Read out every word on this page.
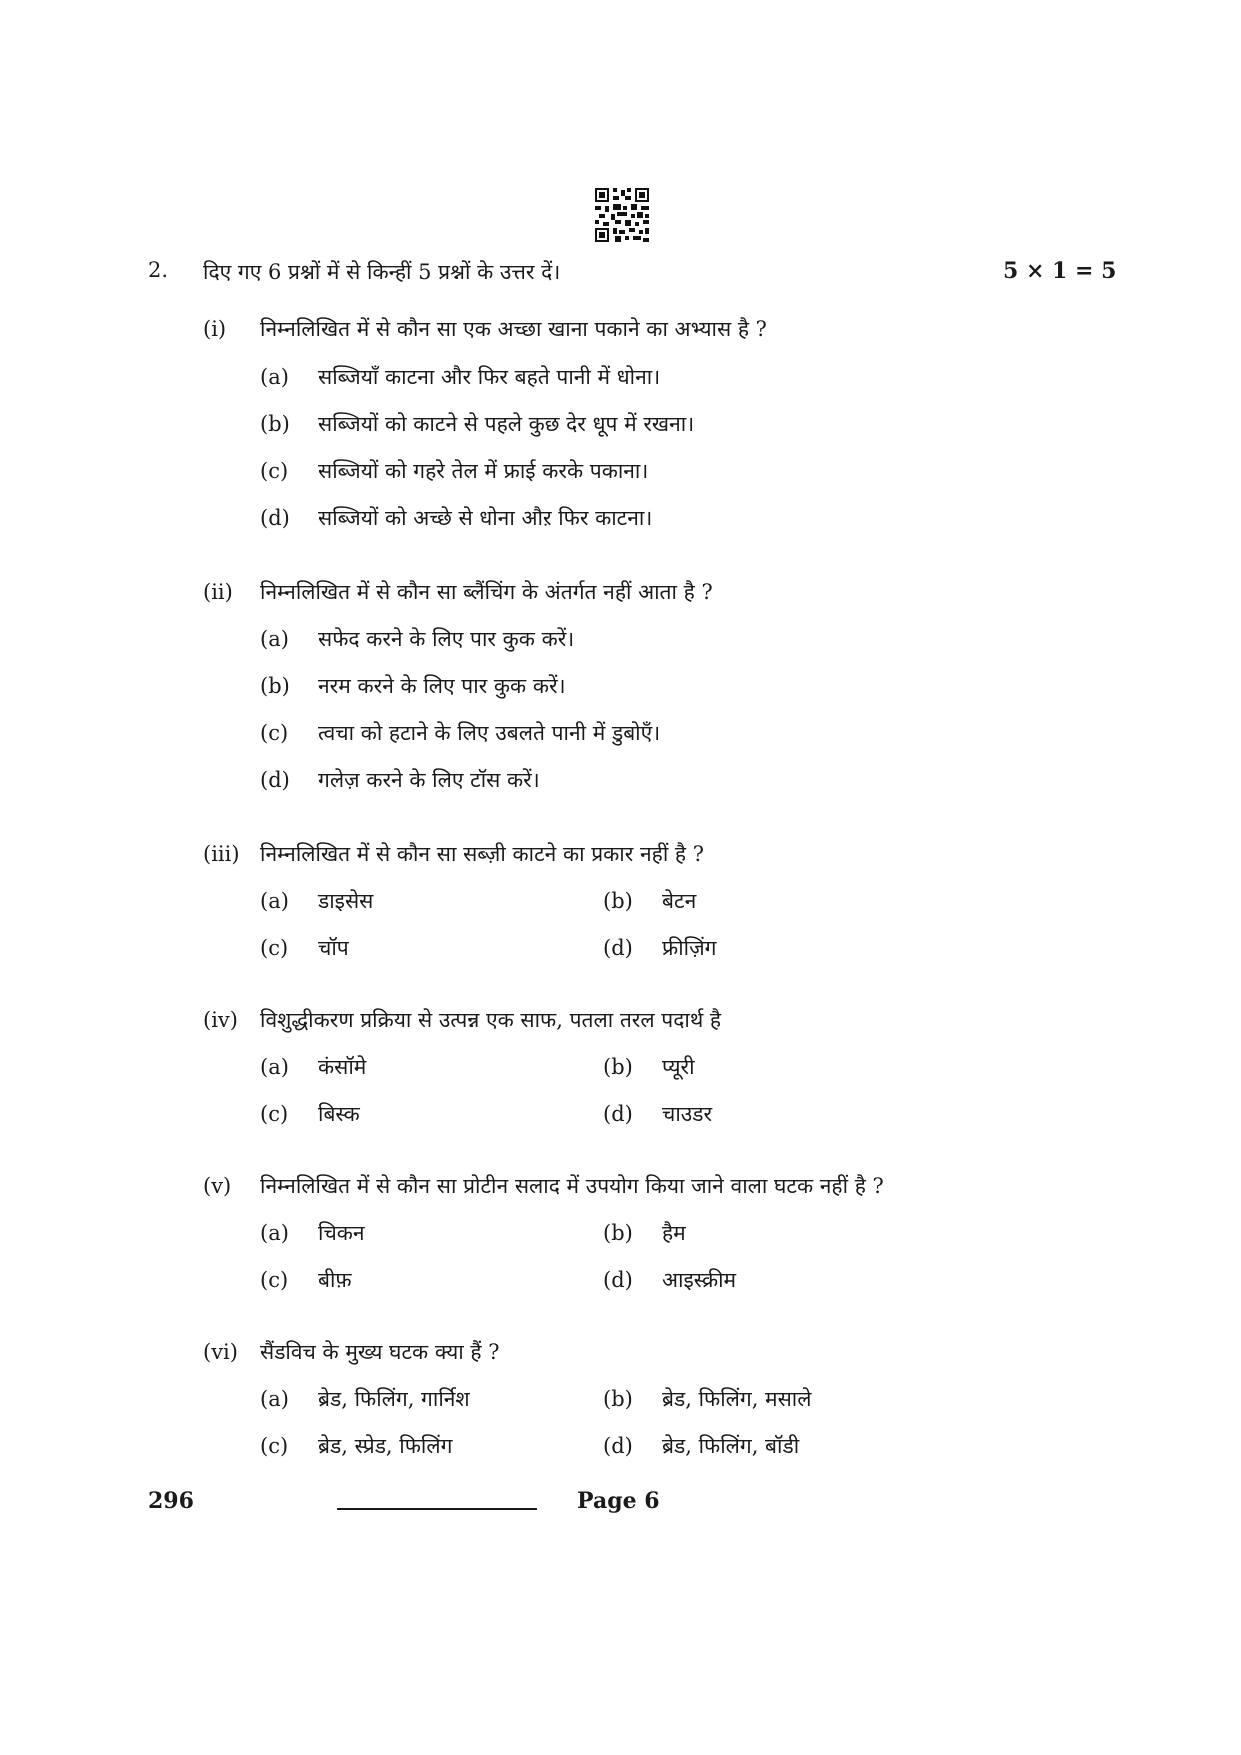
2. दिए गए 6 प्रश्नों में से किन्हीं 5 प्रश्नों के उत्तर दें।	5 × 1 = 5
(i) निम्नलिखित में से कौन सा एक अच्छा खाना पकाने का अभ्यास है ?
(a) सब्जियाँ काटना और फिर बहते पानी में धोना।
(b) सब्जियों को काटने से पहले कुछ देर धूप में रखना।
(c) सब्जियों को गहरे तेल में फ्राई करके पकाना।
(d) सब्जियों को अच्छे से धोना औऱ फिर काटना।
(ii) निम्नलिखित में से कौन सा ब्लैंचिंग के अंतर्गत नहीं आता है ?
(a) सफेद करने के लिए पार कुक करें।
(b) नरम करने के लिए पार कुक करें।
(c) त्वचा को हटाने के लिए उबलते पानी में डुबोएँ।
(d) गलेज़ करने के लिए टॉस करें।
(iii) निम्नलिखित में से कौन सा सब्ज़ी काटने का प्रकार नहीं है ?
(a) डाइसेस	(b) बेटन
(c) चॉप	(d) फ्रीज़िंग
(iv) विशुद्धीकरण प्रक्रिया से उत्पन्न एक साफ, पतला तरल पदार्थ है
(a) कंसॉमे	(b) प्यूरी
(c) बिस्क	(d) चाउडर
(v) निम्नलिखित में से कौन सा प्रोटीन सलाद में उपयोग किया जाने वाला घटक नहीं है ?
(a) चिकन	(b) हैम
(c) बीफ़	(d) आइस्क्रीम
(vi) सैंडविच के मुख्य घटक क्या हैं ?
(a) ब्रेड, फिलिंग, गार्निश	(b) ब्रेड, फिलिंग, मसाले
(c) ब्रेड, स्प्रेड, फिलिंग	(d) ब्रेड, फिलिंग, बॉडी
296	Page 6
